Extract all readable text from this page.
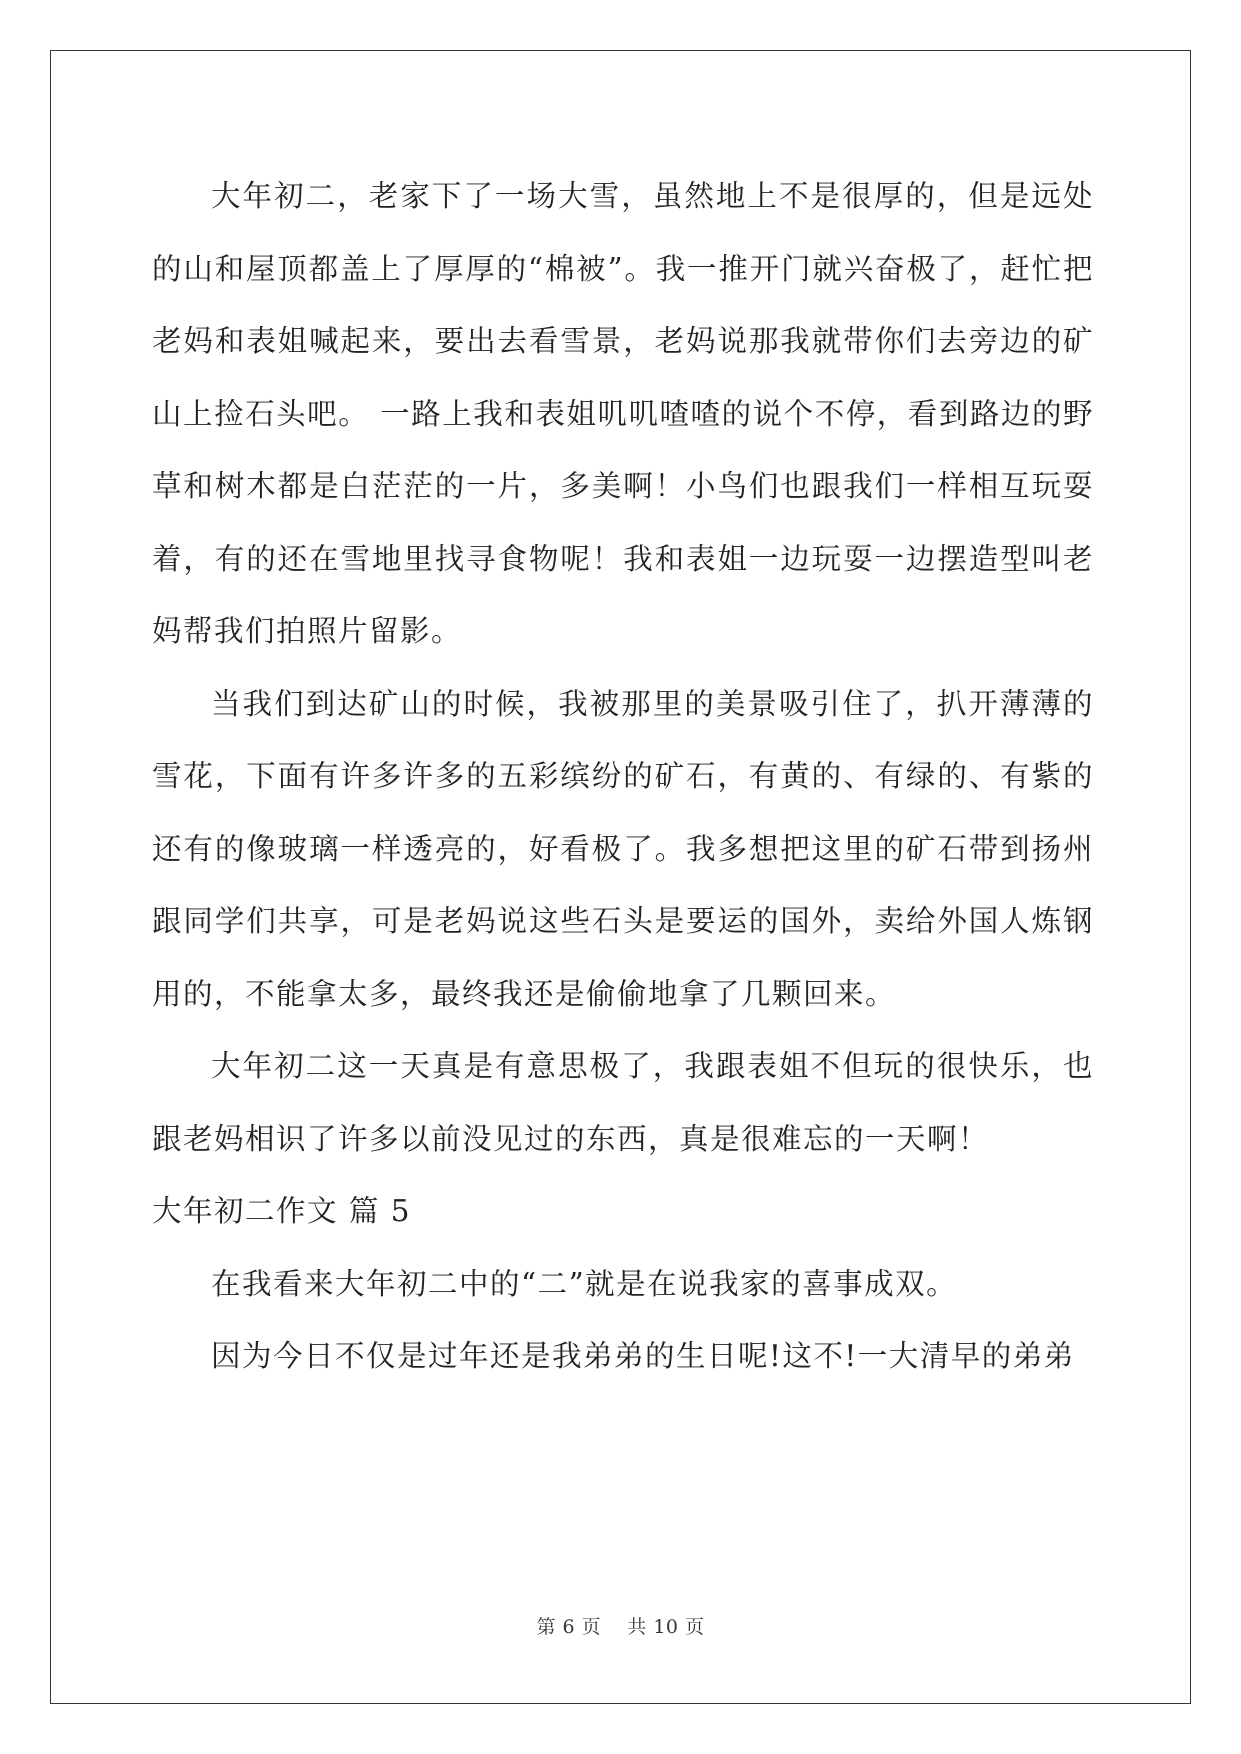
大年初二，老家下了一场大雪，虽然地上不是很厚的，但是远处的山和屋顶都盖上了厚厚的“棉被”。我一推开门就兴奋极了，赶忙把老妈和表姐喊起来，要出去看雪景，老妈说那我就带你们去旁边的矿山上捡石头吧。 一路上我和表姐叽叽喳喳的说个不停，看到路边的野草和树木都是白茫茫的一片，多美啊！小鸟们也跟我们一样相互玩耍着，有的还在雪地里找寻食物呢！我和表姐一边玩耍一边摆造型叫老妈帮我们拍照片留影。

当我们到达矿山的时候，我被那里的美景吸引住了，扒开薄薄的雪花，下面有许多许多的五彩缤纷的矿石，有黄的、有绿的、有紫的还有的像玻璃一样透亮的，好看极了。我多想把这里的矿石带到扬州跟同学们共享，可是老妈说这些石头是要运的国外，卖给外国人炼钢用的，不能拿太多，最终我还是偷偷地拿了几颗回来。

大年初二这一天真是有意思极了，我跟表姐不但玩的很快乐，也跟老妈相识了许多以前没见过的东西，真是很难忘的一天啊！

大年初二作文 篇 5

在我看来大年初二中的“二”就是在说我家的喜事成双。

因为今日不仅是过年还是我弟弟的生日呢!这不!一大清早的弟弟

第 6 页 共 10 页
